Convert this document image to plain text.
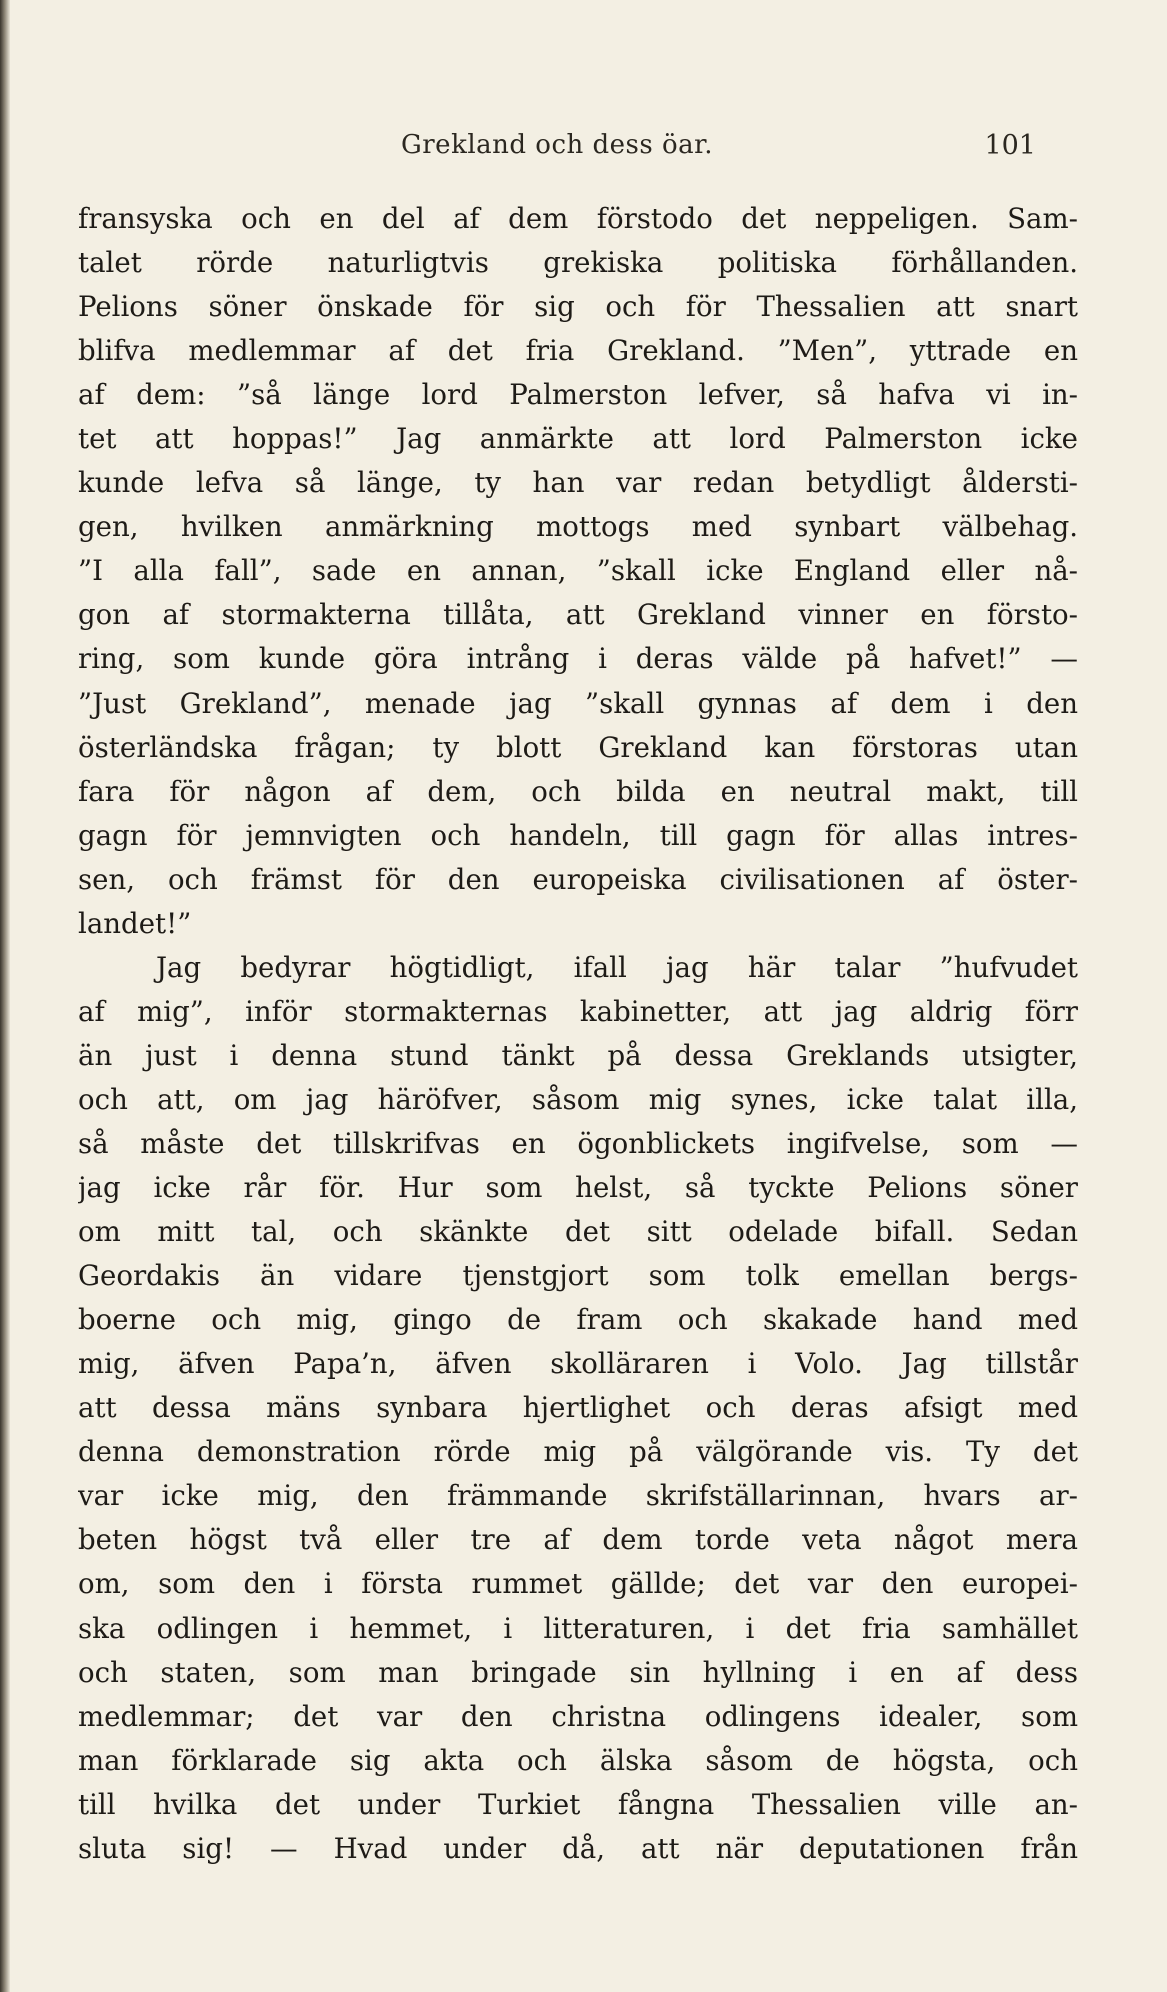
Grekland och dess öar.	101
fransyska och en del af dem förstodo det neppeligen. Sam-
talet rörde naturligtvis grekiska politiska förhållanden.
Pelions söner önskade för sig och för Thessalien att snart
blifva medlemmar af det fria Grekland. ”Men”, yttrade en
af dem: ”så länge lord Palmerston lefver, så hafva vi in-
tet att hoppas!” Jag anmärkte att lord Palmerston icke
kunde lefva så länge, ty han var redan betydligt åldersti-
gen, hvilken anmärkning mottogs med synbart välbehag.
”I alla fall”, sade en annan, ”skall icke England eller nå-
gon af stormakterna tillåta, att Grekland vinner en försto-
ring, som kunde göra intrång i deras välde på hafvet!” —
”Just Grekland”, menade jag ”skall gynnas af dem i den
österländska frågan; ty blott Grekland kan förstoras utan
fara för någon af dem, och bilda en neutral makt, till
gagn för jemnvigten och handeln, till gagn för allas intres-
sen, och främst för den europeiska civilisationen af öster-
landet!”
Jag bedyrar högtidligt, ifall jag här talar ”hufvudet
af mig”, inför stormakternas kabinetter, att jag aldrig förr
än just i denna stund tänkt på dessa Greklands utsigter,
och att, om jag häröfver, såsom mig synes, icke talat illa,
så måste det tillskrifvas en ögonblickets ingifvelse, som —
jag icke rår för. Hur som helst, så tyckte Pelions söner
om mitt tal, och skänkte det sitt odelade bifall. Sedan
Geordakis än vidare tjenstgjort som tolk emellan bergs-
boerne och mig, gingo de fram och skakade hand med
mig, äfven Papa’n, äfven skolläraren i Volo. Jag tillstår
att dessa mäns synbara hjertlighet och deras afsigt med
denna demonstration rörde mig på välgörande vis. Ty det
var icke mig, den främmande skrifställarinnan, hvars ar-
beten högst två eller tre af dem torde veta något mera
om, som den i första rummet gällde; det var den europei-
ska odlingen i hemmet, i litteraturen, i det fria samhället
och staten, som man bringade sin hyllning i en af dess
medlemmar; det var den christna odlingens idealer, som
man förklarade sig akta och älska såsom de högsta, och
till hvilka det under Turkiet fångna Thessalien ville an-
sluta sig! — Hvad under då, att när deputationen från
